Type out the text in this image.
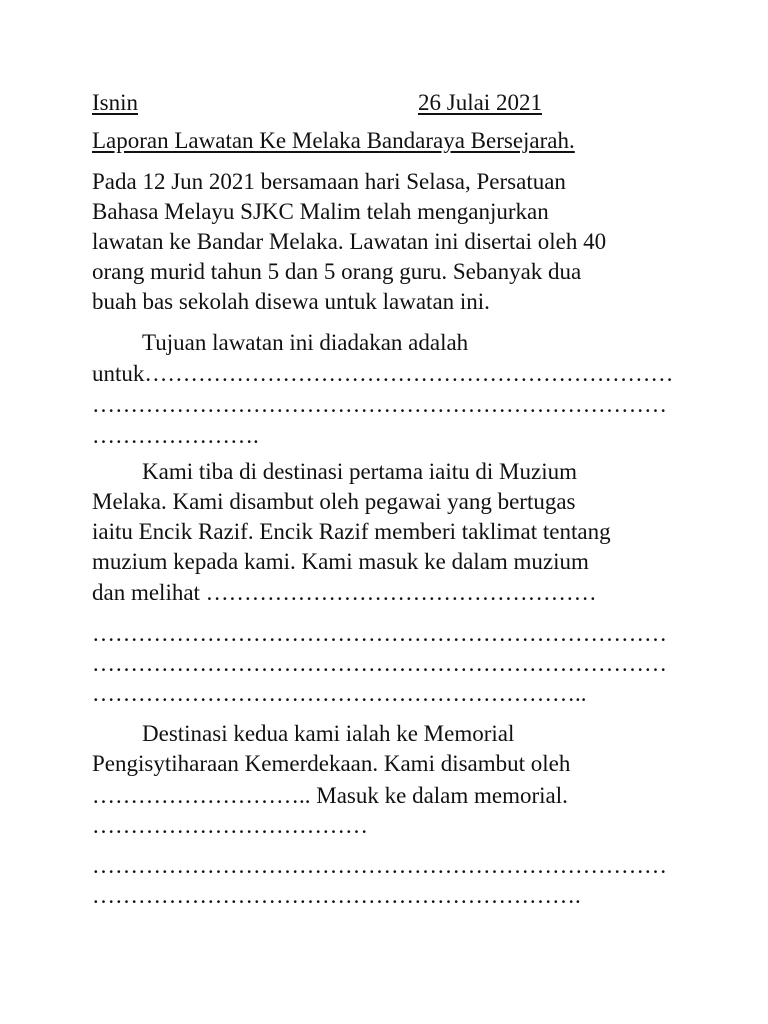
Isnin	26 Julai 2021
Laporan Lawatan Ke Melaka Bandaraya Bersejarah.
Pada 12 Jun 2021 bersamaan hari Selasa, Persatuan
Bahasa Melayu SJKC Malim telah menganjurkan
lawatan ke Bandar Melaka. Lawatan ini disertai oleh 40
orang murid tahun 5 dan 5 orang guru. Sebanyak dua
buah bas sekolah disewa untuk lawatan ini.
Tujuan lawatan ini diadakan adalah
untuk……………………………………………………………
…………………………………………………………………
………………….
Kami tiba di destinasi pertama iaitu di Muzium
Melaka. Kami disambut oleh pegawai yang bertugas
iaitu Encik Razif. Encik Razif memberi taklimat tentang
muzium kepada kami. Kami masuk ke dalam muzium
dan melihat ……………………………………………
…………………………………………………………………
…………………………………………………………………
………………………………………………………..
Destinasi kedua kami ialah ke Memorial
Pengisytiharaan Kemerdekaan. Kami disambut oleh
……………………….. Masuk ke dalam memorial.
………………………………
…………………………………………………………………
……………………………………………………….
